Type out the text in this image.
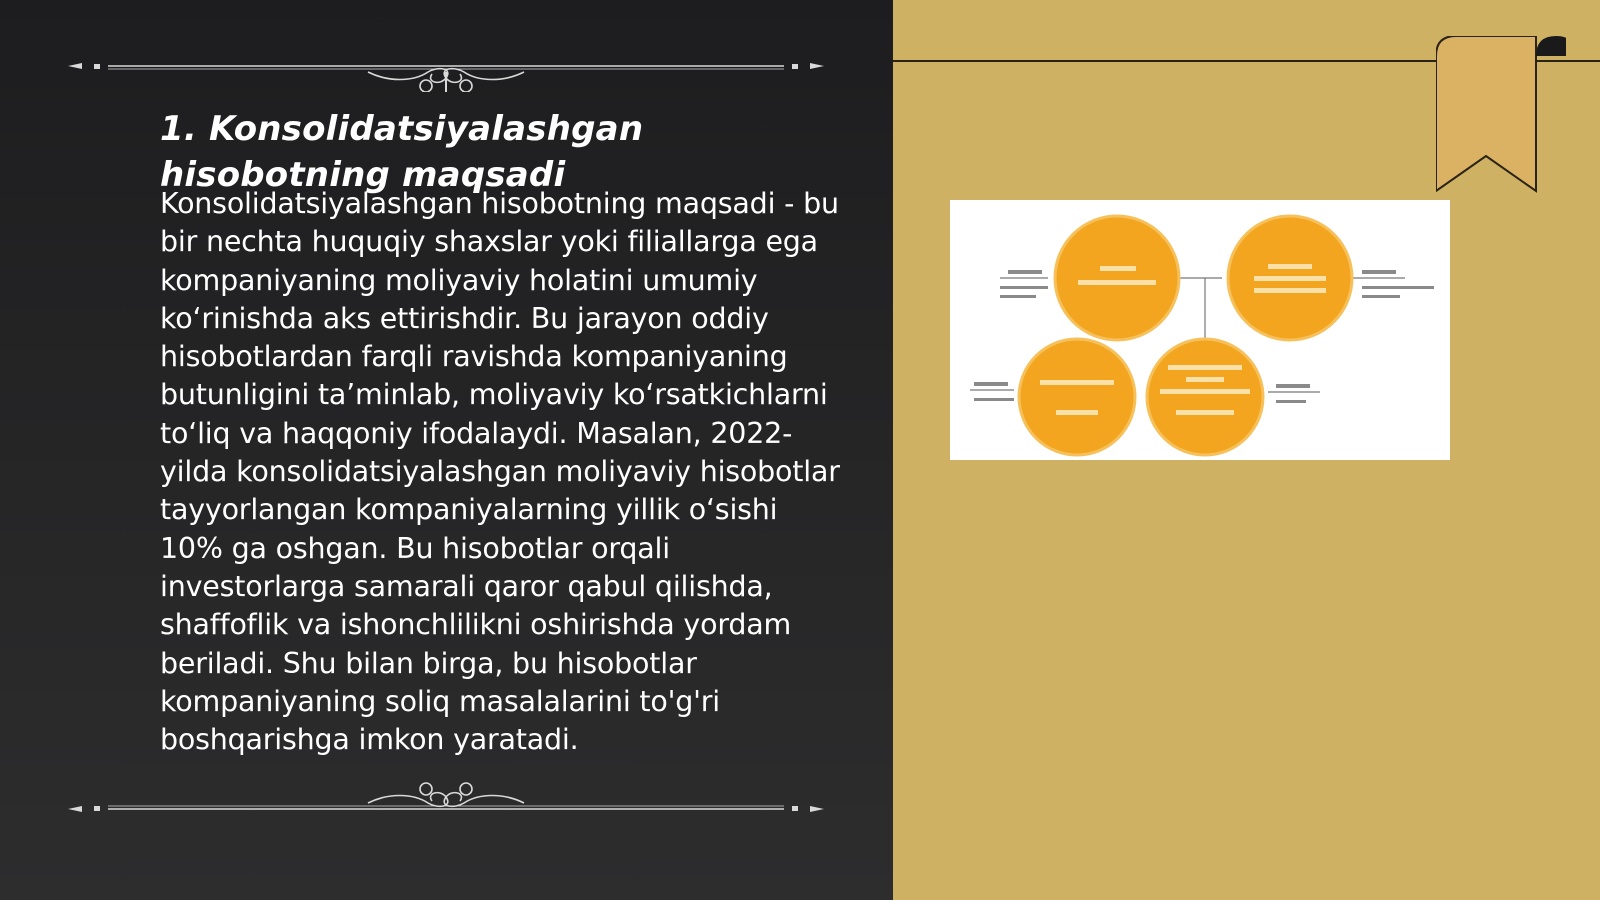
1. Konsolidatsiyalashgan hisobotning maqsadi

Konsolidatsiyalashgan hisobotning maqsadi - bu bir nechta huquqiy shaxslar yoki filiallarga ega kompaniyaning moliyaviy holatini umumiy ko‘rinishda aks ettirishdir. Bu jarayon oddiy hisobotlardan farqli ravishda kompaniyaning butunligini ta’minlab, moliyaviy ko‘rsatkichlarni to‘liq va haqqoniy ifodalaydi. Masalan, 2022-yilda konsolidatsiyalashgan moliyaviy hisobotlar tayyorlangan kompaniyalarning yillik o‘sishi 10% ga oshgan. Bu hisobotlar orqali investorlarga samarali qaror qabul qilishda, shaffoflik va ishonchlilikni oshirishda yordam beriladi. Shu bilan birga, bu hisobotlar kompaniyaning soliq masalalarini to'g'ri boshqarishga imkon yaratadi.
